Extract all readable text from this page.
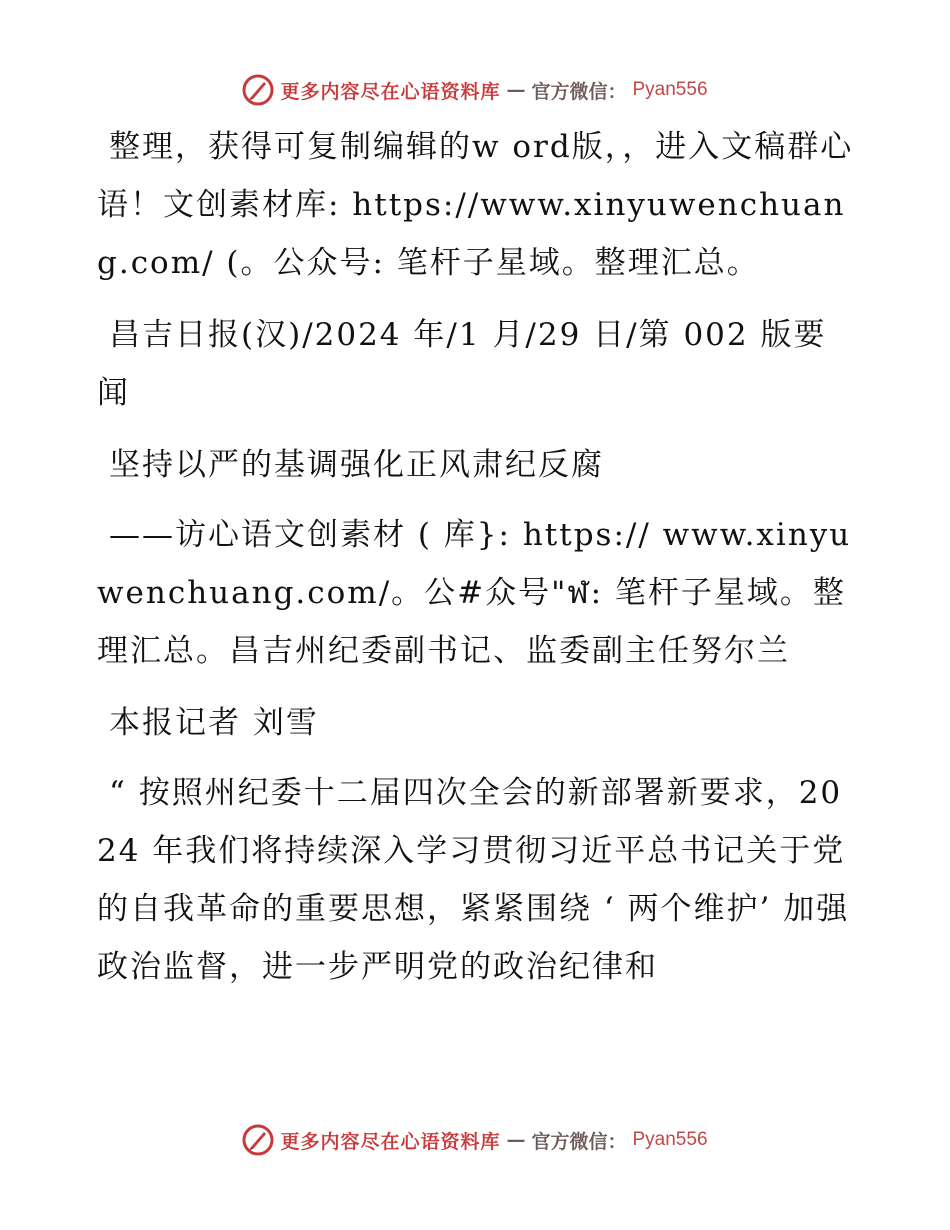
更多内容尽在心语资料库 — 官方微信： Pyan556

整理，获得可复制编辑的w ord版，，进入文稿群心语！文创素材库: https://www.xinyuwenchuang.com/ (。公众号: 笔杆子星域。整理汇总。

昌吉日报(汉)/2024 年/1 月/29 日/第 002 版要闻

坚持以严的基调强化正风肃纪反腐

——访心语文创素材 ( 库}: https:// www.xinyuwenchuang.com/。公#众号"ฬ: 笔杆子星域。整理汇总。昌吉州纪委副书记、监委副主任努尔兰

本报记者 刘雪

“ 按照州纪委十二届四次全会的新部署新要求，2024 年我们将持续深入学习贯彻习近平总书记关于党的自我革命的重要思想，紧紧围绕 ‘ 两个维护’ 加强政治监督，进一步严明党的政治纪律和

更多内容尽在心语资料库 — 官方微信： Pyan556
